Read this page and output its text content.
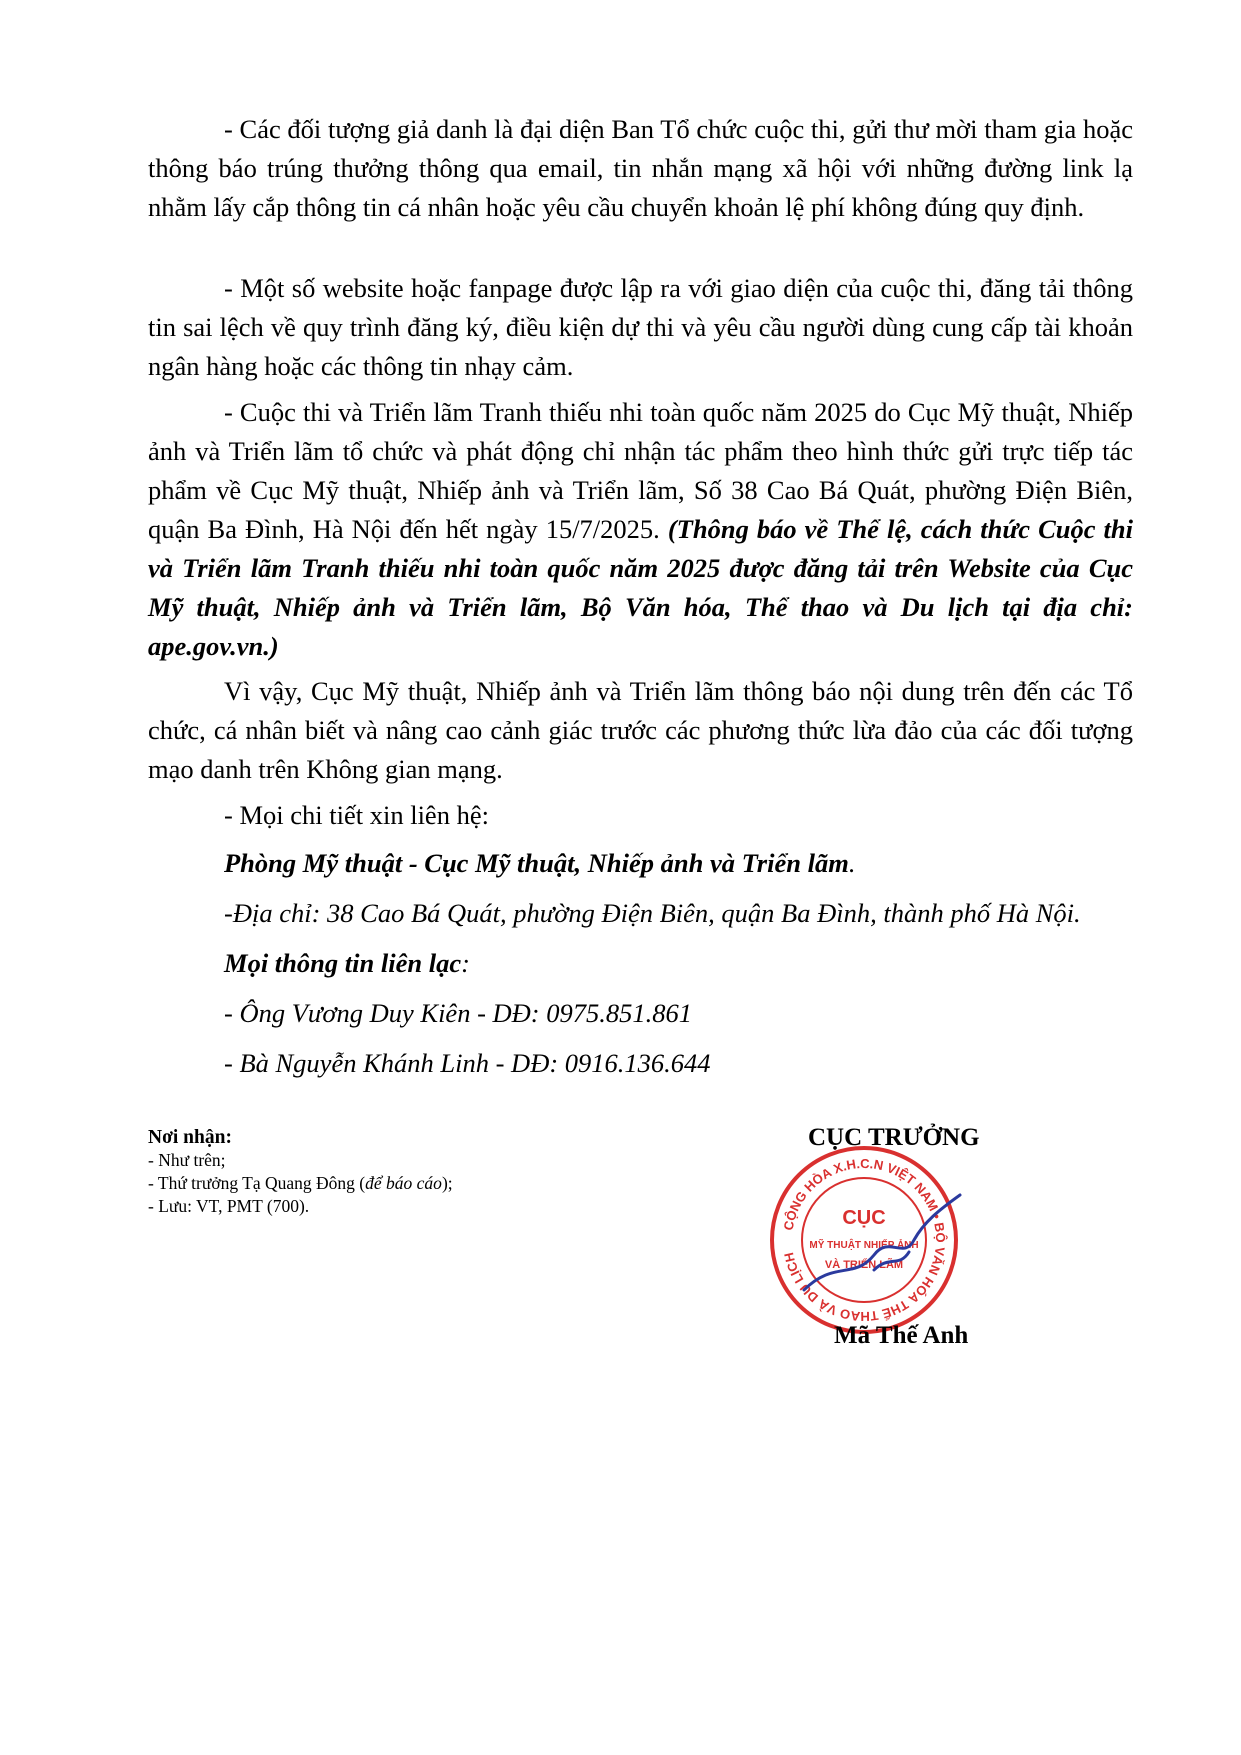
- Các đối tượng giả danh là đại diện Ban Tổ chức cuộc thi, gửi thư mời tham gia hoặc thông báo trúng thưởng thông qua email, tin nhắn mạng xã hội với những đường link lạ nhằm lấy cắp thông tin cá nhân hoặc yêu cầu chuyển khoản lệ phí không đúng quy định.

- Một số website hoặc fanpage được lập ra với giao diện của cuộc thi, đăng tải thông tin sai lệch về quy trình đăng ký, điều kiện dự thi và yêu cầu người dùng cung cấp tài khoản ngân hàng hoặc các thông tin nhạy cảm.

- Cuộc thi và Triển lãm Tranh thiếu nhi toàn quốc năm 2025 do Cục Mỹ thuật, Nhiếp ảnh và Triển lãm tổ chức và phát động chỉ nhận tác phẩm theo hình thức gửi trực tiếp tác phẩm về Cục Mỹ thuật, Nhiếp ảnh và Triển lãm, Số 38 Cao Bá Quát, phường Điện Biên, quận Ba Đình, Hà Nội đến hết ngày 15/7/2025. (Thông báo về Thể lệ, cách thức Cuộc thi và Triển lãm Tranh thiếu nhi toàn quốc năm 2025 được đăng tải trên Website của Cục Mỹ thuật, Nhiếp ảnh và Triển lãm, Bộ Văn hóa, Thể thao và Du lịch tại địa chỉ: ape.gov.vn.)

Vì vậy, Cục Mỹ thuật, Nhiếp ảnh và Triển lãm thông báo nội dung trên đến các Tổ chức, cá nhân biết và nâng cao cảnh giác trước các phương thức lừa đảo của các đối tượng mạo danh trên Không gian mạng.

- Mọi chi tiết xin liên hệ:
Phòng Mỹ thuật - Cục Mỹ thuật, Nhiếp ảnh và Triển lãm.
-Địa chỉ: 38 Cao Bá Quát, phường Điện Biên, quận Ba Đình, thành phố Hà Nội.
Mọi thông tin liên lạc:
- Ông Vương Duy Kiên - DĐ: 0975.851.861
- Bà Nguyễn Khánh Linh - DĐ: 0916.136.644
Nơi nhận:
- Như trên;
- Thứ trưởng Tạ Quang Đông (để báo cáo);
- Lưu: VT, PMT (700).
CỤC TRƯỞNG
CỘNG HÒA X.H.C.N VIỆT NAM • BỘ VĂN HÓA THỂ THAO VÀ DU LỊCH
CỤC
MỸ THUẬT NHIẾP ẢNH
VÀ TRIỂN LÃM
Mã Thế Anh
